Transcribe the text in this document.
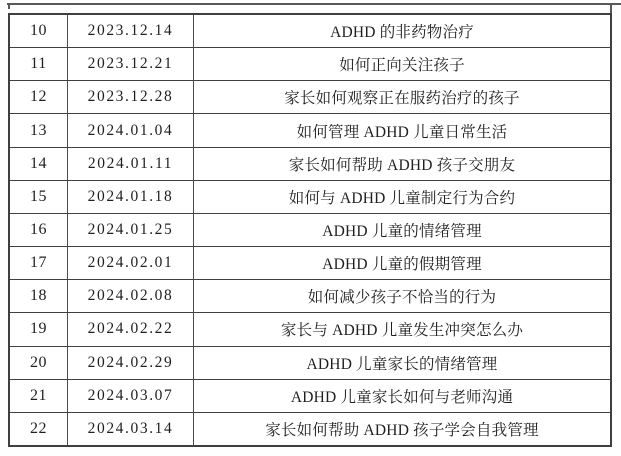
10	2023.12.14	ADHD 的非药物治疗
11	2023.12.21	如何正向关注孩子
12	2023.12.28	家长如何观察正在服药治疗的孩子
13	2024.01.04	如何管理 ADHD 儿童日常生活
14	2024.01.11	家长如何帮助 ADHD 孩子交朋友
15	2024.01.18	如何与 ADHD 儿童制定行为合约
16	2024.01.25	ADHD 儿童的情绪管理
17	2024.02.01	ADHD 儿童的假期管理
18	2024.02.08	如何减少孩子不恰当的行为
19	2024.02.22	家长与 ADHD 儿童发生冲突怎么办
20	2024.02.29	ADHD 儿童家长的情绪管理
21	2024.03.07	ADHD 儿童家长如何与老师沟通
22	2024.03.14	家长如何帮助 ADHD 孩子学会自我管理
